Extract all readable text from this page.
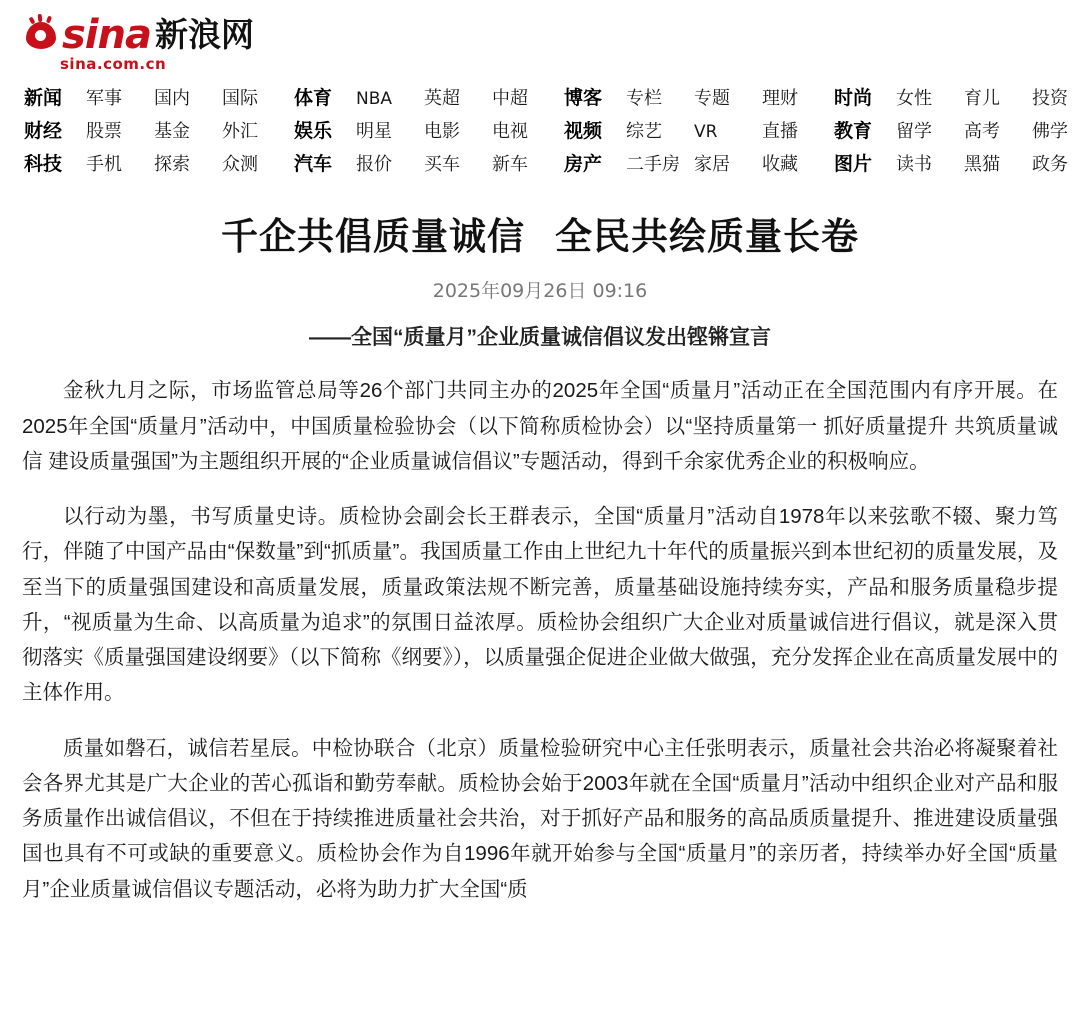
sina 新浪网
sina.com.cn
新闻	军事	国内	国际	体育	NBA	英超	中超	博客	专栏	专题	理财	时尚	女性	育儿	投资
财经	股票	基金	外汇	娱乐	明星	电影	电视	视频	综艺	VR	直播	教育	留学	高考	佛学
科技	手机	探索	众测	汽车	报价	买车	新车	房产	二手房 家居	收藏	图片	读书	黑猫	政务
千企共倡质量诚信 全民共绘质量长卷
2025年09月26日 09:16
——全国“质量月”企业质量诚信倡议发出铿锵宣言

金秋九月之际，市场监管总局等26个部门共同主办的2025年全国“质量月”活动正在全国范围内有序开展。在2025年全国“质量月”活动中，中国质量检验协会（以下简称质检协会）以“坚持质量第一 抓好质量提升 共筑质量诚信 建设质量强国”为主题组织开展的“企业质量诚信倡议”专题活动，得到千余家优秀企业的积极响应。

以行动为墨，书写质量史诗。质检协会副会长王群表示，全国“质量月”活动自1978年以来弦歌不辍、聚力笃行，伴随了中国产品由“保数量”到“抓质量”。我国质量工作由上世纪九十年代的质量振兴到本世纪初的质量发展，及至当下的质量强国建设和高质量发展，质量政策法规不断完善，质量基础设施持续夯实，产品和服务质量稳步提升，“视质量为生命、以高质量为追求”的氛围日益浓厚。质检协会组织广大企业对质量诚信进行倡议，就是深入贯彻落实《质量强国建设纲要》（以下简称《纲要》），以质量强企促进企业做大做强，充分发挥企业在高质量发展中的主体作用。

质量如磐石，诚信若星辰。中检协联合（北京）质量检验研究中心主任张明表示，质量社会共治必将凝聚着社会各界尤其是广大企业的苦心孤诣和勤劳奉献。质检协会始于2003年就在全国“质量月”活动中组织企业对产品和服务质量作出诚信倡议，不但在于持续推进质量社会共治，对于抓好产品和服务的高品质质量提升、推进建设质量强国也具有不可或缺的重要意义。质检协会作为自1996年就开始参与全国“质量月”的亲历者，持续举办好全国“质量月”企业质量诚信倡议专题活动，必将为助力扩大全国“质
